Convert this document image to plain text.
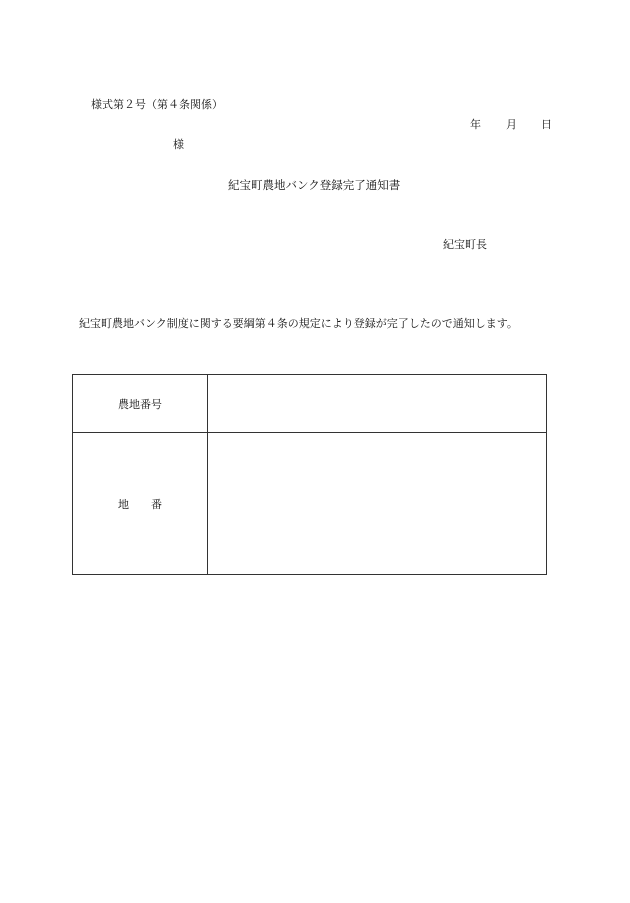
様式第２号（第４条関係）
年 月 日
様
紀宝町農地バンク登録完了通知書
紀宝町長
紀宝町農地バンク制度に関する要綱第４条の規定により登録が完了したので通知します。
農地番号	
地　　番	
